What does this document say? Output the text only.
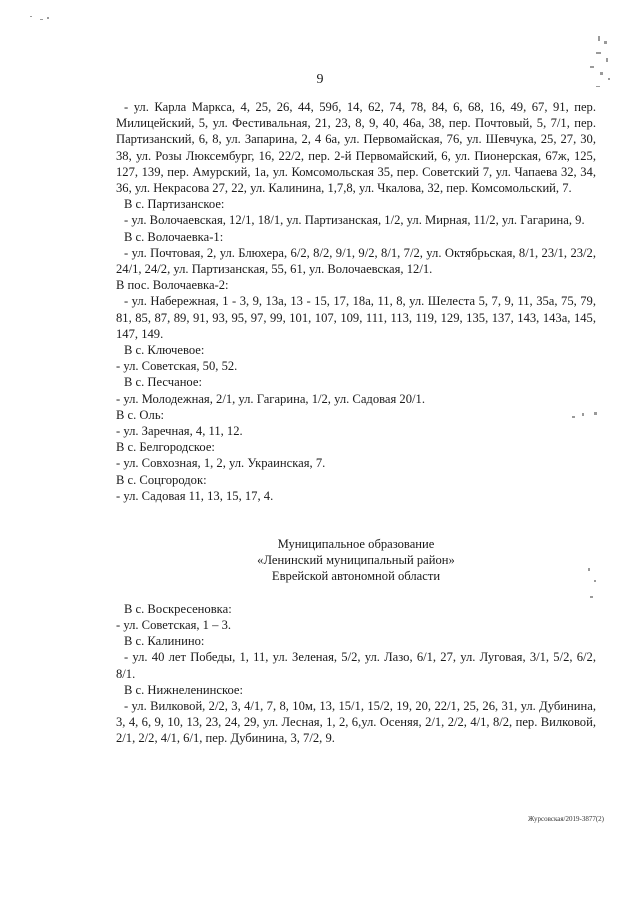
9

- ул. Карла Маркса, 4, 25, 26, 44, 59б, 14, 62, 74, 78, 84, 6, 68, 16, 49, 67, 91, пер. Милицейский, 5, ул. Фестивальная, 21, 23, 8, 9, 40, 46а, 38, пер. Почтовый, 5, 7/1, пер. Партизанский, 6, 8, ул. Запарина, 2, 4 6а, ул. Первомайская, 76, ул. Шевчука, 25, 27, 30, 38, ул. Розы Люксембург, 16, 22/2, пер. 2-й Первомайский, 6, ул. Пионерская, 67ж, 125, 127, 139, пер. Амурский, 1а, ул. Комсомольская 35, пер. Советский 7, ул. Чапаева 32, 34, 36, ул. Некрасова 27, 22, ул. Калинина, 1,7,8, ул. Чкалова, 32, пер. Комсомольский, 7.

В с. Партизанское:

- ул. Волочаевская, 12/1, 18/1, ул. Партизанская, 1/2, ул. Мирная, 11/2, ул. Гагарина, 9.

В с. Волочаевка-1:

- ул. Почтовая, 2, ул. Блюхера, 6/2, 8/2, 9/1, 9/2, 8/1, 7/2, ул. Октябрьская, 8/1, 23/1, 23/2, 24/1, 24/2, ул. Партизанская, 55, 61, ул. Волочаевская, 12/1.

В пос. Волочаевка-2:

- ул. Набережная, 1 - 3, 9, 13а, 13 - 15, 17, 18а, 11, 8, ул. Шелеста 5, 7, 9, 11, 35а, 75, 79, 81, 85, 87, 89, 91, 93, 95, 97, 99, 101, 107, 109, 111, 113, 119, 129, 135, 137, 143, 143а, 145, 147, 149.

В с. Ключевое:

- ул. Советская, 50, 52.

В с. Песчаное:

- ул. Молодежная, 2/1, ул. Гагарина, 1/2, ул. Садовая 20/1.

В с. Оль:

- ул. Заречная, 4, 11, 12.

В с. Белгородское:

- ул. Совхозная, 1, 2, ул. Украинская, 7.

В с. Соцгородок:

- ул. Садовая 11, 13, 15, 17, 4.

Муниципальное образование

«Ленинский муниципальный район»

Еврейской автономной области

В с. Воскресеновка:

- ул. Советская, 1 – 3.

В с. Калинино:

- ул. 40 лет Победы, 1, 11, ул. Зеленая, 5/2, ул. Лазо, 6/1, 27, ул. Луговая, 3/1, 5/2, 6/2, 8/1.

В с. Нижнеленинское:

- ул. Вилковой, 2/2, 3, 4/1, 7, 8, 10м, 13, 15/1, 15/2, 19, 20, 22/1, 25, 26, 31, ул. Дубинина, 3, 4, 6, 9, 10, 13, 23, 24, 29, ул. Лесная, 1, 2, 6,ул. Осеняя, 2/1, 2/2, 4/1, 8/2, пер. Вилковой, 2/1, 2/2, 4/1, 6/1, пер. Дубинина, 3, 7/2, 9.

Журсовская/2019-3877(2)
